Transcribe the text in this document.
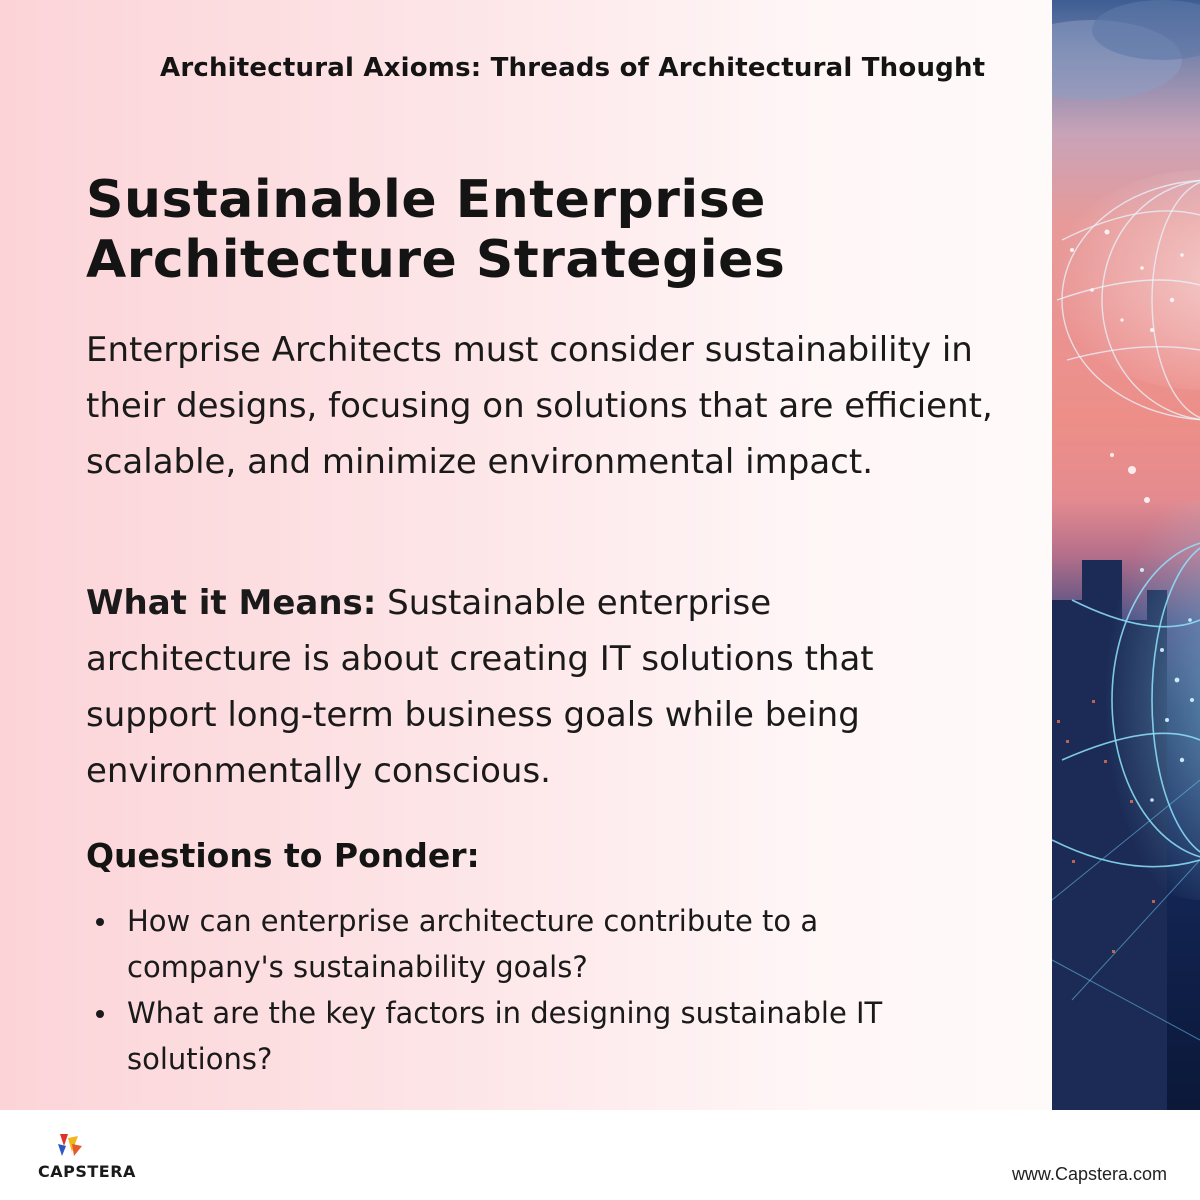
Architectural Axioms: Threads of Architectural Thought
Sustainable Enterprise Architecture Strategies

Enterprise Architects must consider sustainability in their designs, focusing on solutions that are efficient, scalable, and minimize environmental impact.

What it Means: Sustainable enterprise architecture is about creating IT solutions that support long-term business goals while being environmentally conscious.

Questions to Ponder:
How can enterprise architecture contribute to a company's sustainability goals?
What are the key factors in designing sustainable IT solutions?
CAPSTERA	www.Capstera.com
